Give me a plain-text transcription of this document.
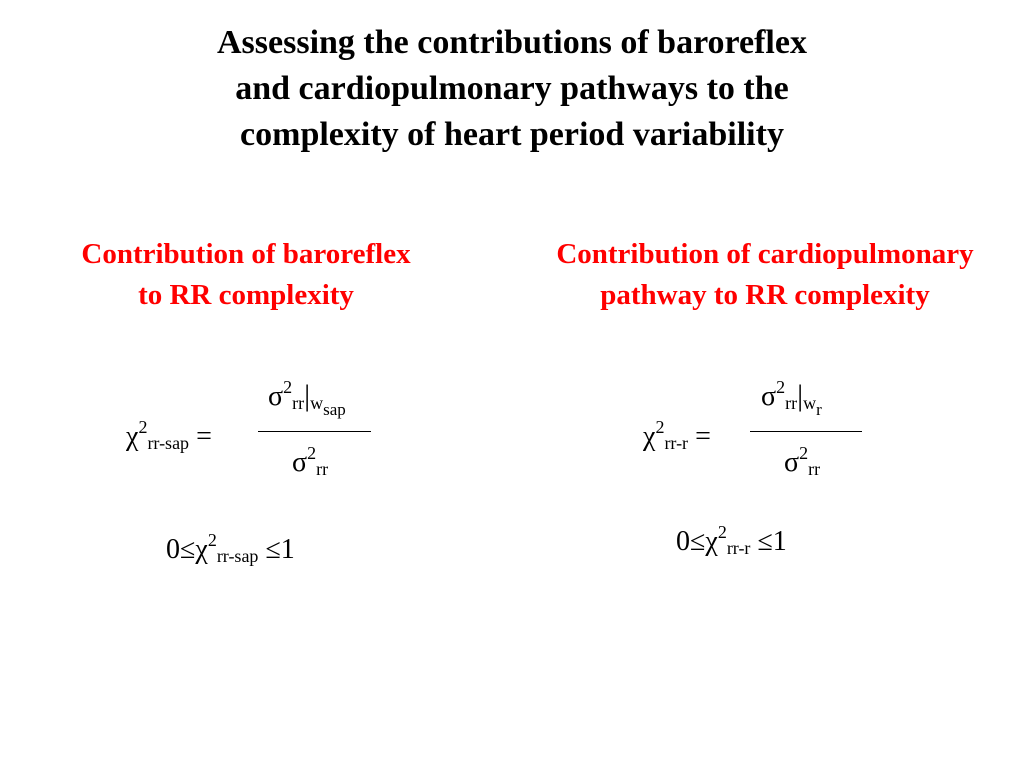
Assessing the contributions of baroreflex
and cardiopulmonary pathways to the
complexity of heart period variability
Contribution of baroreflex
to RR complexity
Contribution of cardiopulmonary
pathway to RR complexity
$\sigma^2_{rr}|_{w_{sap}}$
$\chi^2_{rr-sap}$ =
$\sigma^2_{rr}$
$0\le\chi^2_{rr-sap} \le 1$
$\sigma^2_{rr}|_{w_r}$
$\chi^2_{rr-r}$ =
$\sigma^2_{rr}$
$0\le\chi^2_{rr-r} \le 1$
